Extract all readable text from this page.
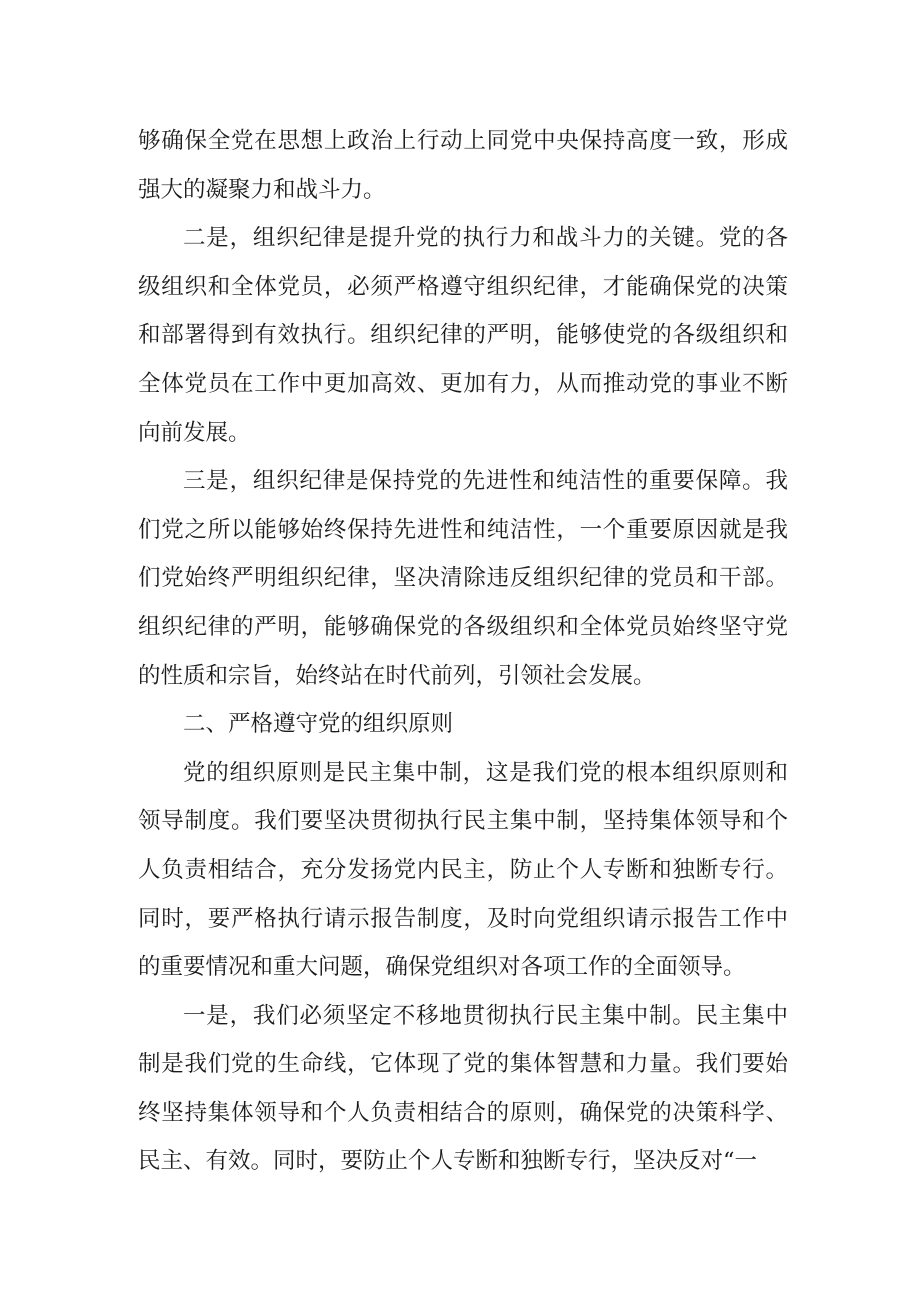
够确保全党在思想上政治上行动上同党中央保持高度一致，形成强大的凝聚力和战斗力。

二是，组织纪律是提升党的执行力和战斗力的关键。党的各级组织和全体党员，必须严格遵守组织纪律，才能确保党的决策和部署得到有效执行。组织纪律的严明，能够使党的各级组织和全体党员在工作中更加高效、更加有力，从而推动党的事业不断向前发展。

三是，组织纪律是保持党的先进性和纯洁性的重要保障。我们党之所以能够始终保持先进性和纯洁性，一个重要原因就是我们党始终严明组织纪律，坚决清除违反组织纪律的党员和干部。组织纪律的严明，能够确保党的各级组织和全体党员始终坚守党的性质和宗旨，始终站在时代前列，引领社会发展。

二、严格遵守党的组织原则

党的组织原则是民主集中制，这是我们党的根本组织原则和领导制度。我们要坚决贯彻执行民主集中制，坚持集体领导和个人负责相结合，充分发扬党内民主，防止个人专断和独断专行。同时，要严格执行请示报告制度，及时向党组织请示报告工作中的重要情况和重大问题，确保党组织对各项工作的全面领导。

一是，我们必须坚定不移地贯彻执行民主集中制。民主集中制是我们党的生命线，它体现了党的集体智慧和力量。我们要始终坚持集体领导和个人负责相结合的原则，确保党的决策科学、民主、有效。同时，要防止个人专断和独断专行，坚决反对“一
